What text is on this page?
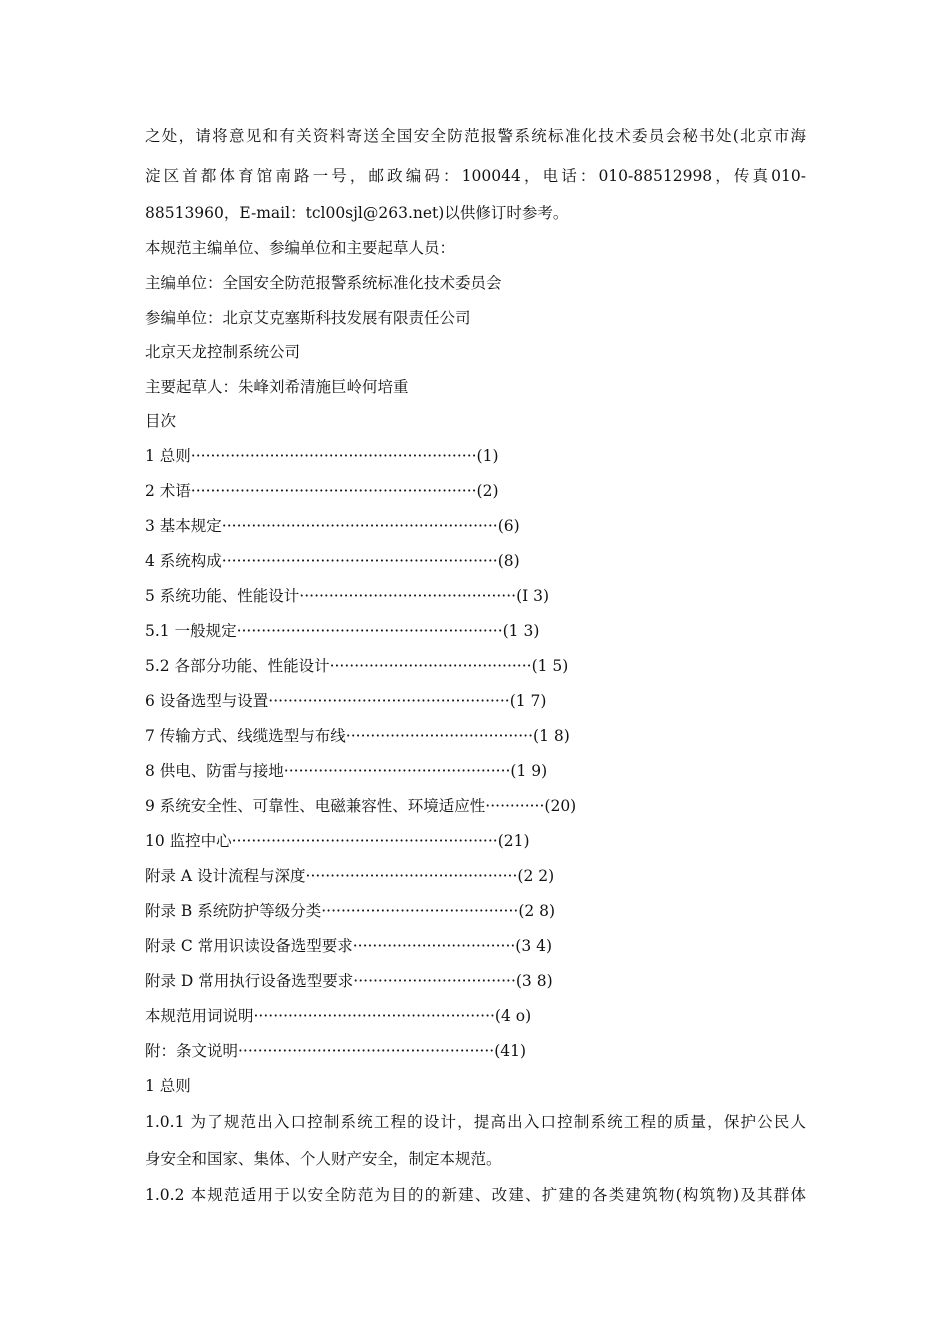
之处，请将意见和有关资料寄送全国安全防范报警系统标准化技术委员会秘书处(北京市海
淀区首都体育馆南路一号，邮政编码：100044，电话：010-88512998，传真010-
88513960，E-mail：tcl00sjl@263.net)以供修订时参考。
本规范主编单位、参编单位和主要起草人员：
主编单位：全国安全防范报警系统标准化技术委员会
参编单位：北京艾克塞斯科技发展有限责任公司
北京天龙控制系统公司
主要起草人：朱峰刘希清施巨岭何培重
目次
1 总则··························································(1)
2 术语··························································(2)
3 基本规定························································(6)
4 系统构成························································(8)
5 系统功能、性能设计············································(I 3)
5.1 一般规定······················································(1 3)
5.2 各部分功能、性能设计·········································(1 5)
6 设备选型与设置·················································(1 7)
7 传输方式、线缆选型与布线······································(1 8)
8 供电、防雷与接地··············································(1 9)
9 系统安全性、可靠性、电磁兼容性、环境适应性············(20)
10 监控中心······················································(21)
附录 A 设计流程与深度···········································(2 2)
附录 B 系统防护等级分类········································(2 8)
附录 C 常用识读设备选型要求·································(3 4)
附录 D 常用执行设备选型要求·································(3 8)
本规范用词说明·················································(4 o)
附：条文说明····················································(41)
1 总则
1.0.1 为了规范出入口控制系统工程的设计，提高出入口控制系统工程的质量，保护公民人
身安全和国家、集体、个人财产安全，制定本规范。
1.0.2 本规范适用于以安全防范为目的的新建、改建、扩建的各类建筑物(构筑物)及其群体
